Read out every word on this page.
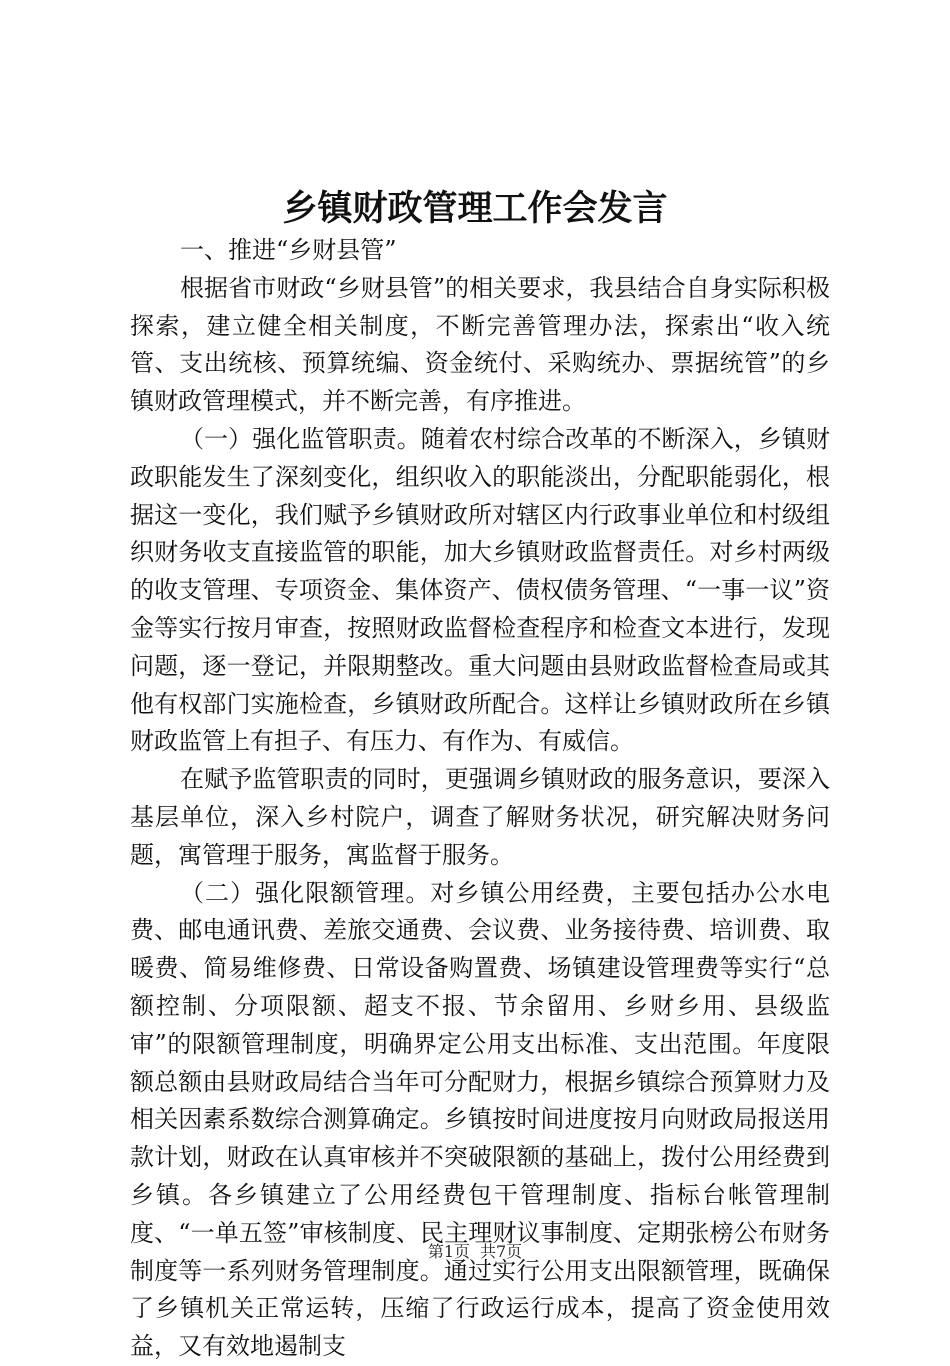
乡镇财政管理工作会发言

一、推进“乡财县管”

根据省市财政“乡财县管”的相关要求，我县结合自身实际积极探索，建立健全相关制度，不断完善管理办法，探索出“收入统管、支出统核、预算统编、资金统付、采购统办、票据统管”的乡镇财政管理模式，并不断完善，有序推进。

（一）强化监管职责。随着农村综合改革的不断深入，乡镇财政职能发生了深刻变化，组织收入的职能淡出，分配职能弱化，根据这一变化，我们赋予乡镇财政所对辖区内行政事业单位和村级组织财务收支直接监管的职能，加大乡镇财政监督责任。对乡村两级的收支管理、专项资金、集体资产、债权债务管理、“一事一议”资金等实行按月审查，按照财政监督检查程序和检查文本进行，发现问题，逐一登记，并限期整改。重大问题由县财政监督检查局或其他有权部门实施检查，乡镇财政所配合。这样让乡镇财政所在乡镇财政监管上有担子、有压力、有作为、有威信。

在赋予监管职责的同时，更强调乡镇财政的服务意识，要深入基层单位，深入乡村院户，调查了解财务状况，研究解决财务问题，寓管理于服务，寓监督于服务。

（二）强化限额管理。对乡镇公用经费，主要包括办公水电费、邮电通讯费、差旅交通费、会议费、业务接待费、培训费、取暖费、简易维修费、日常设备购置费、场镇建设管理费等实行“总额控制、分项限额、超支不报、节余留用、乡财乡用、县级监审”的限额管理制度，明确界定公用支出标准、支出范围。年度限额总额由县财政局结合当年可分配财力，根据乡镇综合预算财力及相关因素系数综合测算确定。乡镇按时间进度按月向财政局报送用款计划，财政在认真审核并不突破限额的基础上，拨付公用经费到乡镇。各乡镇建立了公用经费包干管理制度、指标台帐管理制度、“一单五签”审核制度、民主理财议事制度、定期张榜公布财务制度等一系列财务管理制度。通过实行公用支出限额管理，既确保了乡镇机关正常运转，压缩了行政运行成本，提高了资金使用效益，又有效地遏制支

第1页 共7页
